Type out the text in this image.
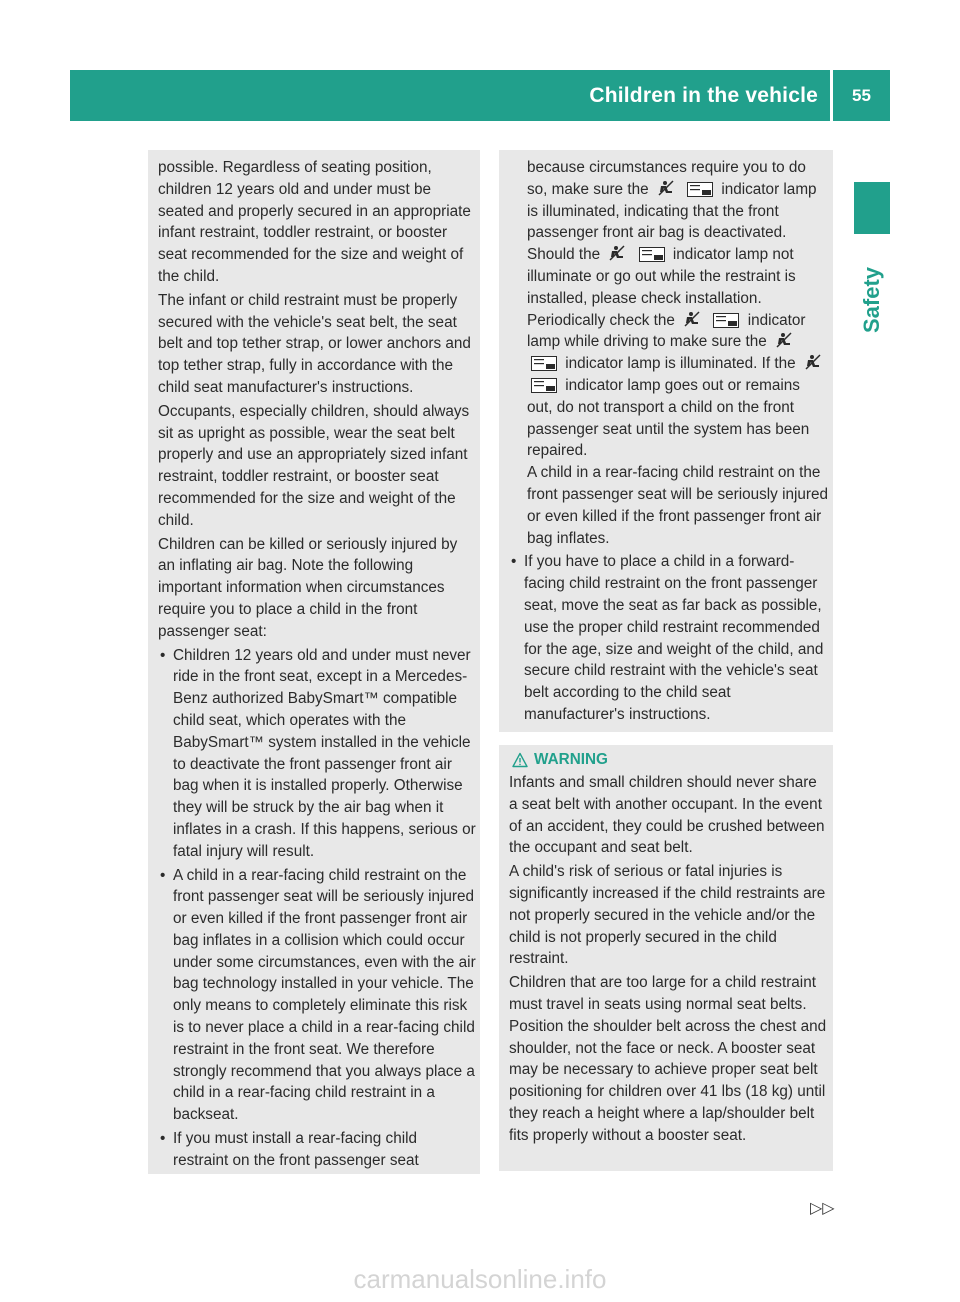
Children in the vehicle	55
Safety

possible. Regardless of seating position, children 12 years old and under must be seated and properly secured in an appropriate infant restraint, toddler restraint, or booster seat recommended for the size and weight of the child.

The infant or child restraint must be properly secured with the vehicle's seat belt, the seat belt and top tether strap, or lower anchors and top tether strap, fully in accordance with the child seat manufacturer's instructions.

Occupants, especially children, should always sit as upright as possible, wear the seat belt properly and use an appropriately sized infant restraint, toddler restraint, or booster seat recommended for the size and weight of the child.

Children can be killed or seriously injured by an inflating air bag. Note the following important information when circumstances require you to place a child in the front passenger seat:

• Children 12 years old and under must never ride in the front seat, except in a Mercedes-Benz authorized BabySmart™ compatible child seat, which operates with the BabySmart™ system installed in the vehicle to deactivate the front passenger front air bag when it is installed properly. Otherwise they will be struck by the air bag when it inflates in a crash. If this happens, serious or fatal injury will result.
• A child in a rear-facing child restraint on the front passenger seat will be seriously injured or even killed if the front passenger front air bag inflates in a collision which could occur under some circumstances, even with the air bag technology installed in your vehicle. The only means to completely eliminate this risk is to never place a child in a rear-facing child restraint in the front seat. We therefore strongly recommend that you always place a child in a rear-facing child restraint in a backseat.
• If you must install a rear-facing child restraint on the front passenger seat
because circumstances require you to do so, make sure the	indicator lamp is illuminated, indicating that the front passenger front air bag is deactivated. Should the	indicator lamp not illuminate or go out while the restraint is installed, please check installation. Periodically check the	indicator lamp while driving to make sure the   indicator lamp is illuminated. If the   indicator lamp goes out or remains out, do not transport a child on the front passenger seat until the system has been repaired.

A child in a rear-facing child restraint on the front passenger seat will be seriously injured or even killed if the front passenger front air bag inflates.

• If you have to place a child in a forward-facing child restraint on the front passenger seat, move the seat as far back as possible, use the proper child restraint recommended for the age, size and weight of the child, and secure child restraint with the vehicle's seat belt according to the child seat manufacturer's instructions.
WARNING

Infants and small children should never share a seat belt with another occupant. In the event of an accident, they could be crushed between the occupant and seat belt.

A child's risk of serious or fatal injuries is significantly increased if the child restraints are not properly secured in the vehicle and/or the child is not properly secured in the child restraint.

Children that are too large for a child restraint must travel in seats using normal seat belts. Position the shoulder belt across the chest and shoulder, not the face or neck. A booster seat may be necessary to achieve proper seat belt positioning for children over 41 lbs (18 kg) until they reach a height where a lap/shoulder belt fits properly without a booster seat.

▷▷
carmanualsonline.info
